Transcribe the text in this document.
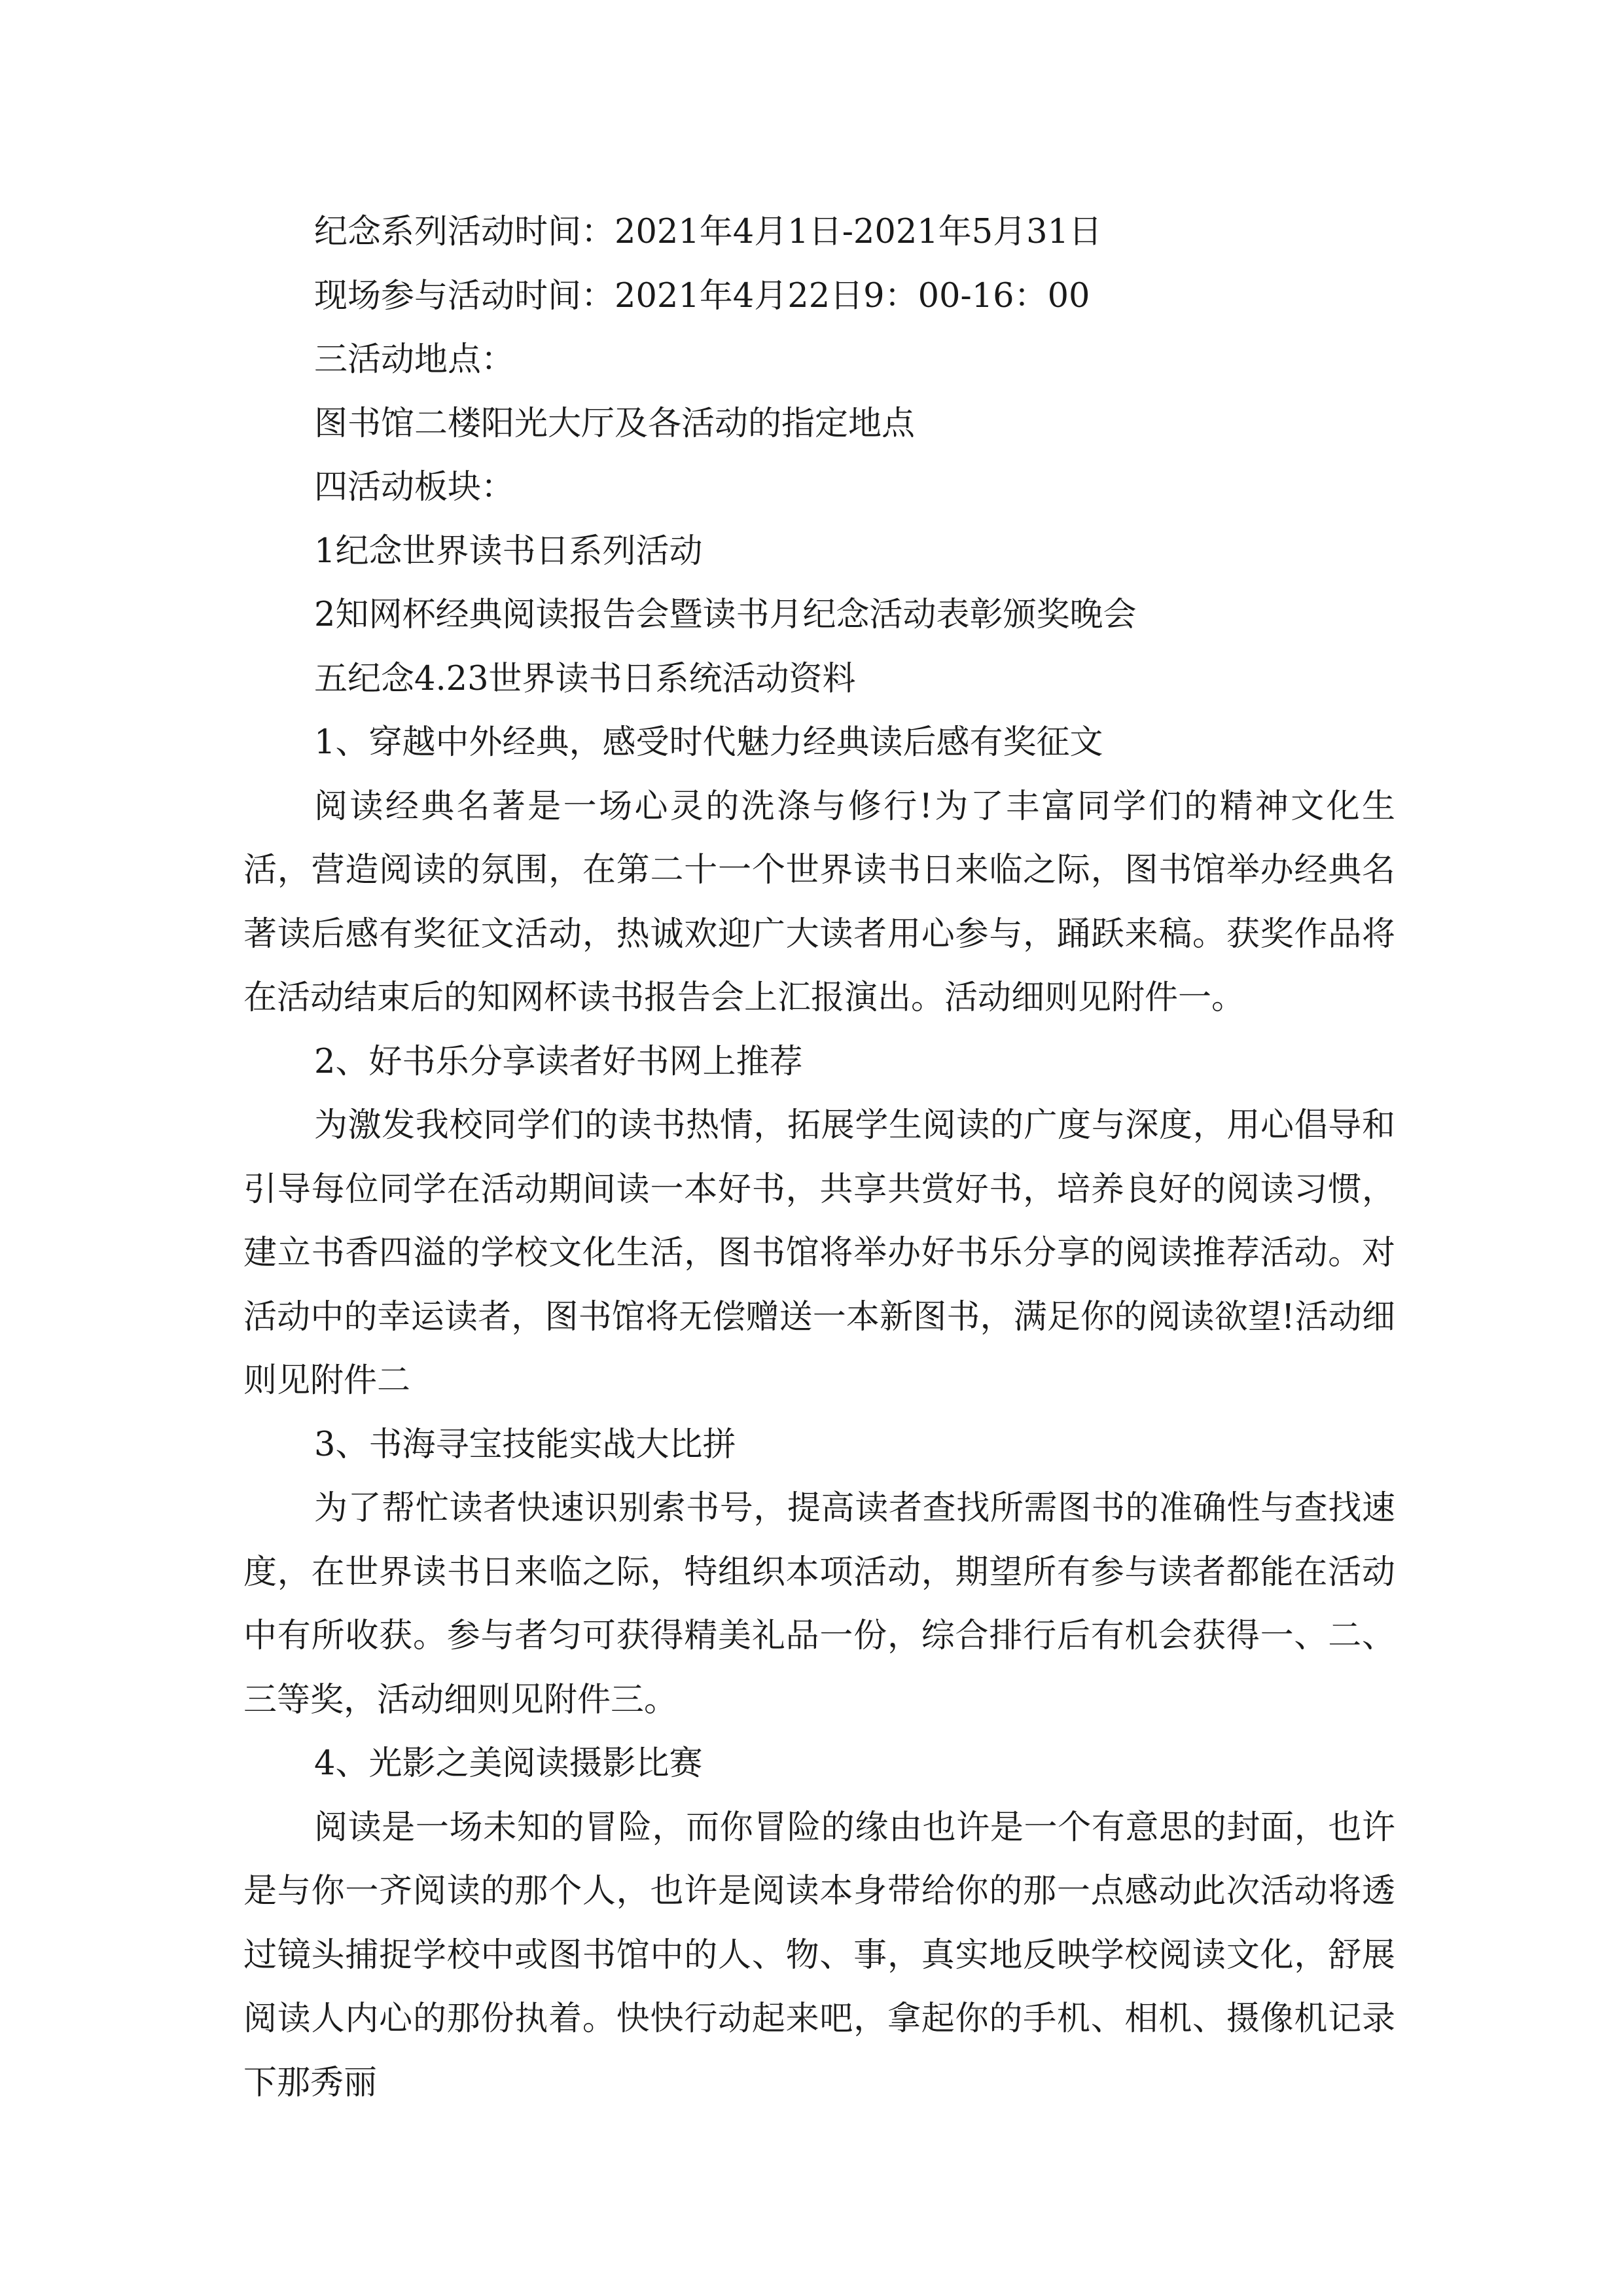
纪念系列活动时间：2021年4月1日-2021年5月31日

现场参与活动时间：2021年4月22日9：00-16：00

三活动地点：

图书馆二楼阳光大厅及各活动的指定地点

四活动板块：

1纪念世界读书日系列活动

2知网杯经典阅读报告会暨读书月纪念活动表彰颁奖晚会

五纪念4.23世界读书日系统活动资料

1、穿越中外经典，感受时代魅力经典读后感有奖征文

阅读经典名著是一场心灵的洗涤与修行!为了丰富同学们的精神文化生活，营造阅读的氛围，在第二十一个世界读书日来临之际，图书馆举办经典名著读后感有奖征文活动，热诚欢迎广大读者用心参与，踊跃来稿。获奖作品将在活动结束后的知网杯读书报告会上汇报演出。活动细则见附件一。

2、好书乐分享读者好书网上推荐

为激发我校同学们的读书热情，拓展学生阅读的广度与深度，用心倡导和引导每位同学在活动期间读一本好书，共享共赏好书，培养良好的阅读习惯，建立书香四溢的学校文化生活，图书馆将举办好书乐分享的阅读推荐活动。对活动中的幸运读者，图书馆将无偿赠送一本新图书，满足你的阅读欲望!活动细则见附件二

3、书海寻宝技能实战大比拼

为了帮忙读者快速识别索书号，提高读者查找所需图书的准确性与查找速度，在世界读书日来临之际，特组织本项活动，期望所有参与读者都能在活动中有所收获。参与者匀可获得精美礼品一份，综合排行后有机会获得一、二、三等奖，活动细则见附件三。

4、光影之美阅读摄影比赛

阅读是一场未知的冒险，而你冒险的缘由也许是一个有意思的封面，也许是与你一齐阅读的那个人，也许是阅读本身带给你的那一点感动此次活动将透过镜头捕捉学校中或图书馆中的人、物、事，真实地反映学校阅读文化，舒展阅读人内心的那份执着。快快行动起来吧，拿起你的手机、相机、摄像机记录下那秀丽
